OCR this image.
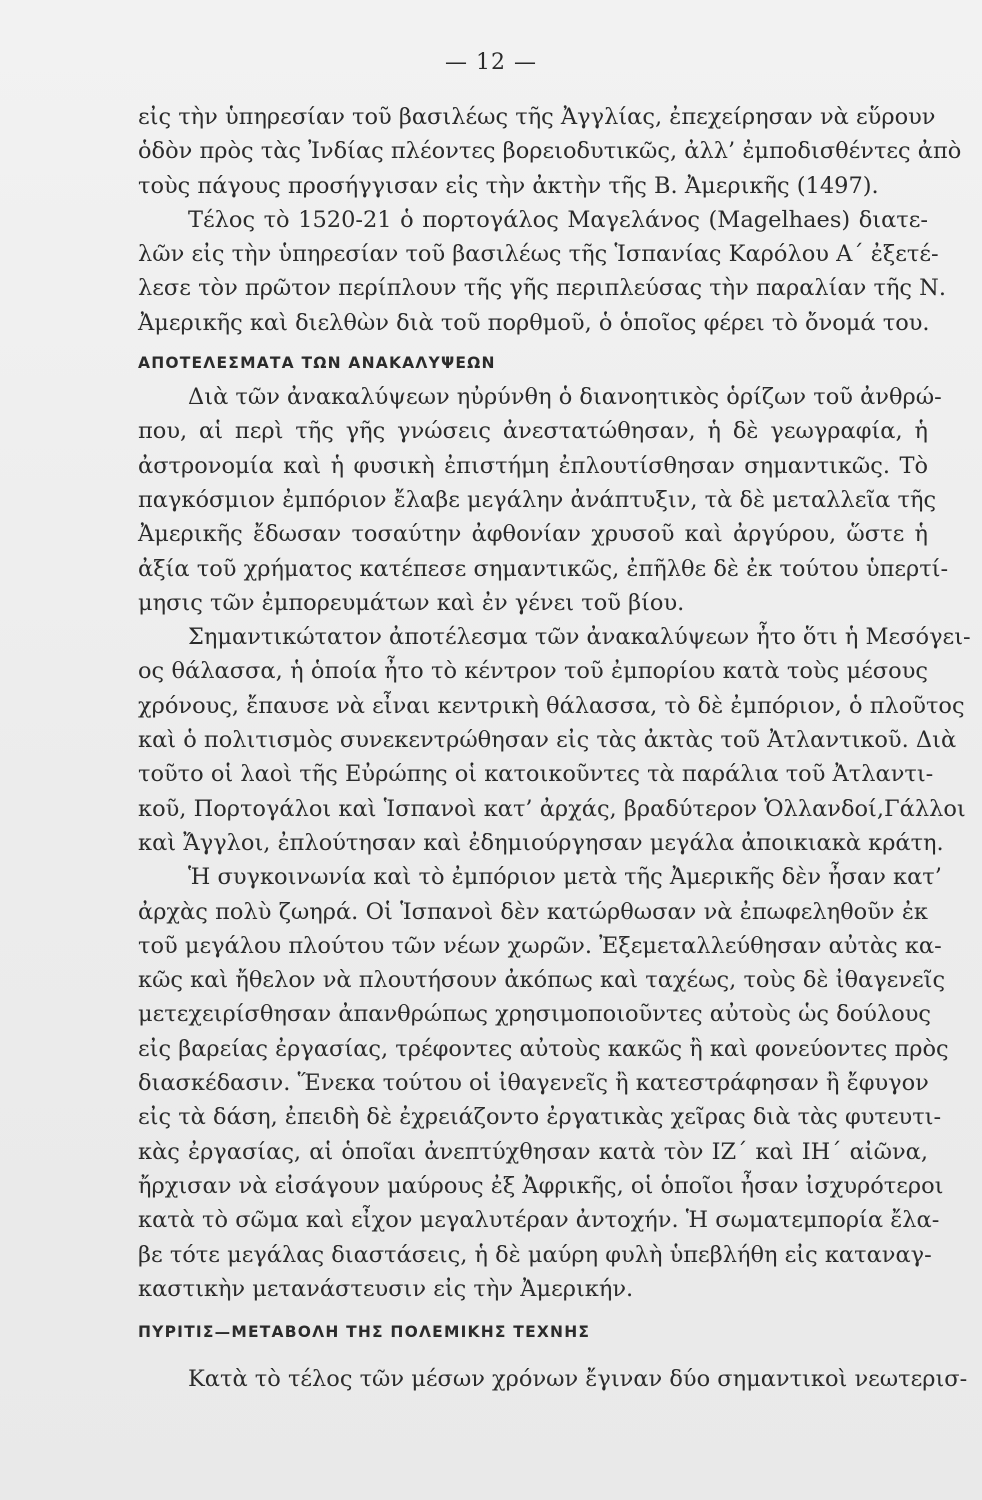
— 12 —
εἰς τὴν ὑπηρεσίαν τοῦ βασιλέως τῆς Ἀγγλίας, ἐπεχείρησαν νὰ εὕρουν
ὁδὸν πρὸς τὰς Ἰνδίας πλέοντες βορειοδυτικῶς, ἀλλ’ ἐμποδισθέντες ἀπὸ
τοὺς πάγους προσήγγισαν εἰς τὴν ἀκτὴν τῆς Β. Ἀμερικῆς (1497).
Τέλος τὸ 1520-21 ὁ πορτογάλος Μαγελάνος (Magelhaes) διατε-
λῶν εἰς τὴν ὑπηρεσίαν τοῦ βασιλέως τῆς Ἱσπανίας Καρόλου Α΄ ἐξετέ-
λεσε τὸν πρῶτον περίπλουν τῆς γῆς περιπλεύσας τὴν παραλίαν τῆς Ν.
Ἀμερικῆς καὶ διελθὼν διὰ τοῦ πορθμοῦ, ὁ ὁποῖος φέρει τὸ ὄνομά του.
ΑΠΟΤΕΛΕΣΜΑΤΑ ΤΩΝ ΑΝΑΚΑΛΥΨΕΩΝ
Διὰ τῶν ἀνακαλύψεων ηὐρύνθη ὁ διανοητικὸς ὁρίζων τοῦ ἀνθρώ-
που, αἱ περὶ τῆς γῆς γνώσεις ἀνεστατώθησαν, ἡ δὲ γεωγραφία, ἡ
ἀστρονομία καὶ ἡ φυσικὴ ἐπιστήμη ἐπλουτίσθησαν σημαντικῶς. Τὸ
παγκόσμιον ἐμπόριον ἔλαβε μεγάλην ἀνάπτυξιν, τὰ δὲ μεταλλεῖα τῆς
Ἀμερικῆς ἔδωσαν τοσαύτην ἀφθονίαν χρυσοῦ καὶ ἀργύρου, ὥστε ἡ
ἀξία τοῦ χρήματος κατέπεσε σημαντικῶς, ἐπῆλθε δὲ ἐκ τούτου ὑπερτί-
μησις τῶν ἐμπορευμάτων καὶ ἐν γένει τοῦ βίου.
Σημαντικώτατον ἀποτέλεσμα τῶν ἀνακαλύψεων ἦτο ὅτι ἡ Μεσόγει-
ος θάλασσα, ἡ ὁποία ἦτο τὸ κέντρον τοῦ ἐμπορίου κατὰ τοὺς μέσους
χρόνους, ἔπαυσε νὰ εἶναι κεντρικὴ θάλασσα, τὸ δὲ ἐμπόριον, ὁ πλοῦτος
καὶ ὁ πολιτισμὸς συνεκεντρώθησαν εἰς τὰς ἀκτὰς τοῦ Ἀτλαντικοῦ. Διὰ
τοῦτο οἱ λαοὶ τῆς Εὐρώπης οἱ κατοικοῦντες τὰ παράλια τοῦ Ἀτλαντι-
κοῦ, Πορτογάλοι καὶ Ἱσπανοὶ κατ’ ἀρχάς, βραδύτερον Ὁλλανδοί,Γάλλοι
καὶ Ἄγγλοι, ἐπλούτησαν καὶ ἐδημιούργησαν μεγάλα ἀποικιακὰ κράτη.
Ἡ συγκοινωνία καὶ τὸ ἐμπόριον μετὰ τῆς Ἀμερικῆς δὲν ἦσαν κατ’
ἀρχὰς πολὺ ζωηρά. Οἱ Ἱσπανοὶ δὲν κατώρθωσαν νὰ ἐπωφεληθοῦν ἐκ
τοῦ μεγάλου πλούτου τῶν νέων χωρῶν. Ἐξεμεταλλεύθησαν αὐτὰς κα-
κῶς καὶ ἤθελον νὰ πλουτήσουν ἀκόπως καὶ ταχέως, τοὺς δὲ ἰθαγενεῖς
μετεχειρίσθησαν ἀπανθρώπως χρησιμοποιοῦντες αὐτοὺς ὡς δούλους
εἰς βαρείας ἐργασίας, τρέφοντες αὐτοὺς κακῶς ἢ καὶ φονεύοντες πρὸς
διασκέδασιν. Ἕνεκα τούτου οἱ ἰθαγενεῖς ἢ κατεστράφησαν ἢ ἔφυγον
εἰς τὰ δάση, ἐπειδὴ δὲ ἐχρειάζοντο ἐργατικὰς χεῖρας διὰ τὰς φυτευτι-
κὰς ἐργασίας, αἱ ὁποῖαι ἀνεπτύχθησαν κατὰ τὸν ΙΖ΄ καὶ ΙΗ΄ αἰῶνα,
ἤρχισαν νὰ εἰσάγουν μαύρους ἐξ Ἀφρικῆς, οἱ ὁποῖοι ἦσαν ἰσχυρότεροι
κατὰ τὸ σῶμα καὶ εἶχον μεγαλυτέραν ἀντοχήν. Ἡ σωματεμπορία ἔλα-
βε τότε μεγάλας διαστάσεις, ἡ δὲ μαύρη φυλὴ ὑπεβλήθη εἰς καταναγ-
καστικὴν μετανάστευσιν εἰς τὴν Ἀμερικήν.
ΠΥΡΙΤΙΣ—ΜΕΤΑΒΟΛΗ ΤΗΣ ΠΟΛΕΜΙΚΗΣ ΤΕΧΝΗΣ
Κατὰ τὸ τέλος τῶν μέσων χρόνων ἔγιναν δύο σημαντικοὶ νεωτερισ-
